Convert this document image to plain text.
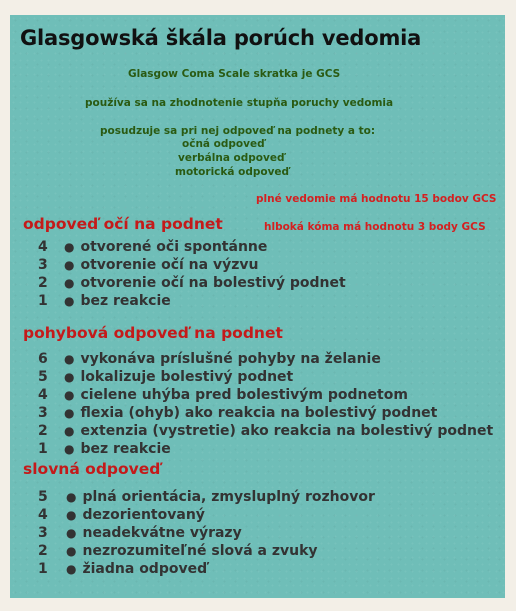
Glasgowská škála porúch vedomia
Glasgow Coma Scale skratka je GCS
používa sa na zhodnotenie stupňa poruchy vedomia
posudzuje sa pri nej odpoveď na podnety a to:
očná odpoveď
verbálna odpoveď
motorická odpoveď
plné vedomie má hodnotu 15 bodov GCS
hlboká kóma má hodnotu 3 body GCS
odpoveď očí na podnet
4 ● otvorené oči spontánne
3 ● otvorenie očí na výzvu
2 ● otvorenie očí na bolestivý podnet
1 ● bez reakcie
pohybová odpoveď na podnet
6 ● vykonáva príslušné pohyby na želanie
5 ● lokalizuje bolestivý podnet
4 ● cielene uhýba pred bolestivým podnetom
3 ● flexia (ohyb) ako reakcia na bolestivý podnet
2 ● extenzia (vystretie) ako reakcia na bolestivý podnet
1 ● bez reakcie
slovná odpoveď
5 ● plná orientácia, zmysluplný rozhovor
4 ● dezorientovaný
3 ● neadekvátne výrazy
2 ● nezrozumiteľné slová a zvuky
1 ● žiadna odpoveď
